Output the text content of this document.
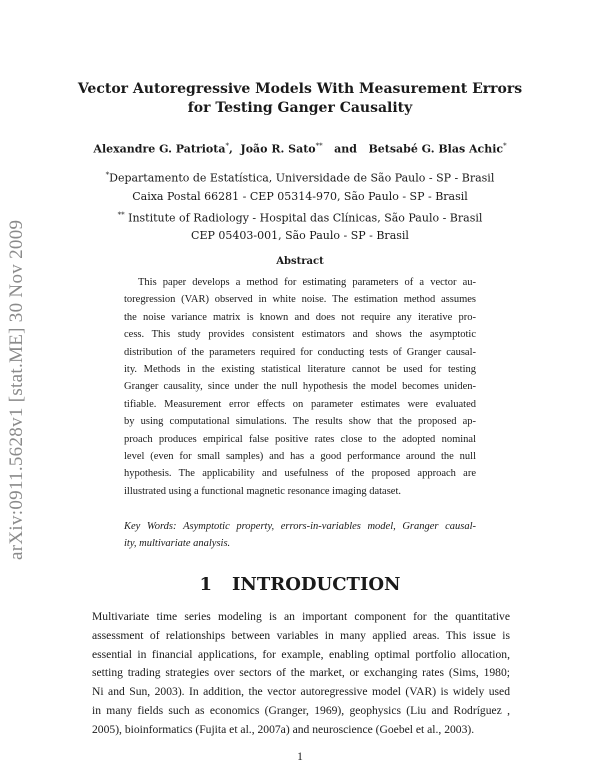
arXiv:0911.5628v1 [stat.ME] 30 Nov 2009
Vector Autoregressive Models With Measurement Errors
for Testing Ganger Causality
Alexandre G. Patriota*, João R. Sato** and Betsabé G. Blas Achic*
*Departamento de Estatística, Universidade de São Paulo - SP - Brasil
Caixa Postal 66281 - CEP 05314-970, São Paulo - SP - Brasil
** Institute of Radiology - Hospital das Clínicas, São Paulo - Brasil
CEP 05403-001, São Paulo - SP - Brasil
Abstract
This paper develops a method for estimating parameters of a vector au-
toregression (VAR) observed in white noise. The estimation method assumes
the noise variance matrix is known and does not require any iterative pro-
cess. This study provides consistent estimators and shows the asymptotic
distribution of the parameters required for conducting tests of Granger causal-
ity. Methods in the existing statistical literature cannot be used for testing
Granger causality, since under the null hypothesis the model becomes uniden-
tifiable. Measurement error effects on parameter estimates were evaluated
by using computational simulations. The results show that the proposed ap-
proach produces empirical false positive rates close to the adopted nominal
level (even for small samples) and has a good performance around the null
hypothesis. The applicability and usefulness of the proposed approach are
illustrated using a functional magnetic resonance imaging dataset.
Key Words: Asymptotic property, errors-in-variables model, Granger causal-
ity, multivariate analysis.
1 INTRODUCTION
Multivariate time series modeling is an important component for the quantitative
assessment of relationships between variables in many applied areas. This issue is
essential in financial applications, for example, enabling optimal portfolio allocation,
setting trading strategies over sectors of the market, or exchanging rates (Sims, 1980;
Ni and Sun, 2003). In addition, the vector autoregressive model (VAR) is widely used
in many fields such as economics (Granger, 1969), geophysics (Liu and Rodríguez ,
2005), bioinformatics (Fujita et al., 2007a) and neuroscience (Goebel et al., 2003).
1
